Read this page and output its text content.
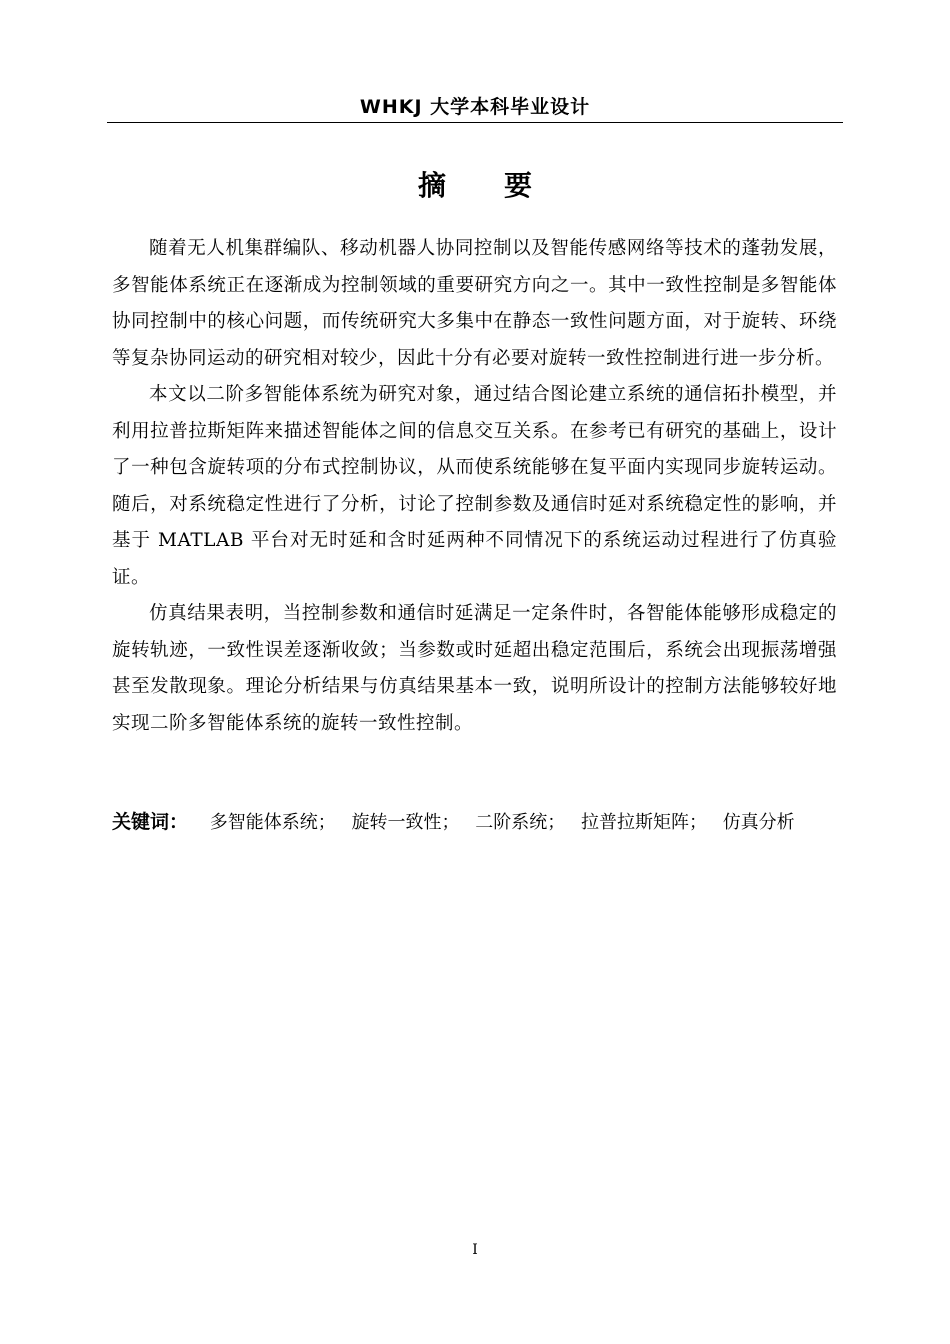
WHKJ 大学本科毕业设计
摘要

随着无人机集群编队、移动机器人协同控制以及智能传感网络等技术的蓬勃发展，多智能体系统正在逐渐成为控制领域的重要研究方向之一。其中一致性控制是多智能体协同控制中的核心问题，而传统研究大多集中在静态一致性问题方面，对于旋转、环绕等复杂协同运动的研究相对较少，因此十分有必要对旋转一致性控制进行进一步分析。

本文以二阶多智能体系统为研究对象，通过结合图论建立系统的通信拓扑模型，并利用拉普拉斯矩阵来描述智能体之间的信息交互关系。在参考已有研究的基础上，设计了一种包含旋转项的分布式控制协议，从而使系统能够在复平面内实现同步旋转运动。随后，对系统稳定性进行了分析，讨论了控制参数及通信时延对系统稳定性的影响，并基于 MATLAB 平台对无时延和含时延两种不同情况下的系统运动过程进行了仿真验证。

仿真结果表明，当控制参数和通信时延满足一定条件时，各智能体能够形成稳定的旋转轨迹，一致性误差逐渐收敛；当参数或时延超出稳定范围后，系统会出现振荡增强甚至发散现象。理论分析结果与仿真结果基本一致，说明所设计的控制方法能够较好地实现二阶多智能体系统的旋转一致性控制。

关键词： 多智能体系统； 旋转一致性； 二阶系统； 拉普拉斯矩阵； 仿真分析
I
